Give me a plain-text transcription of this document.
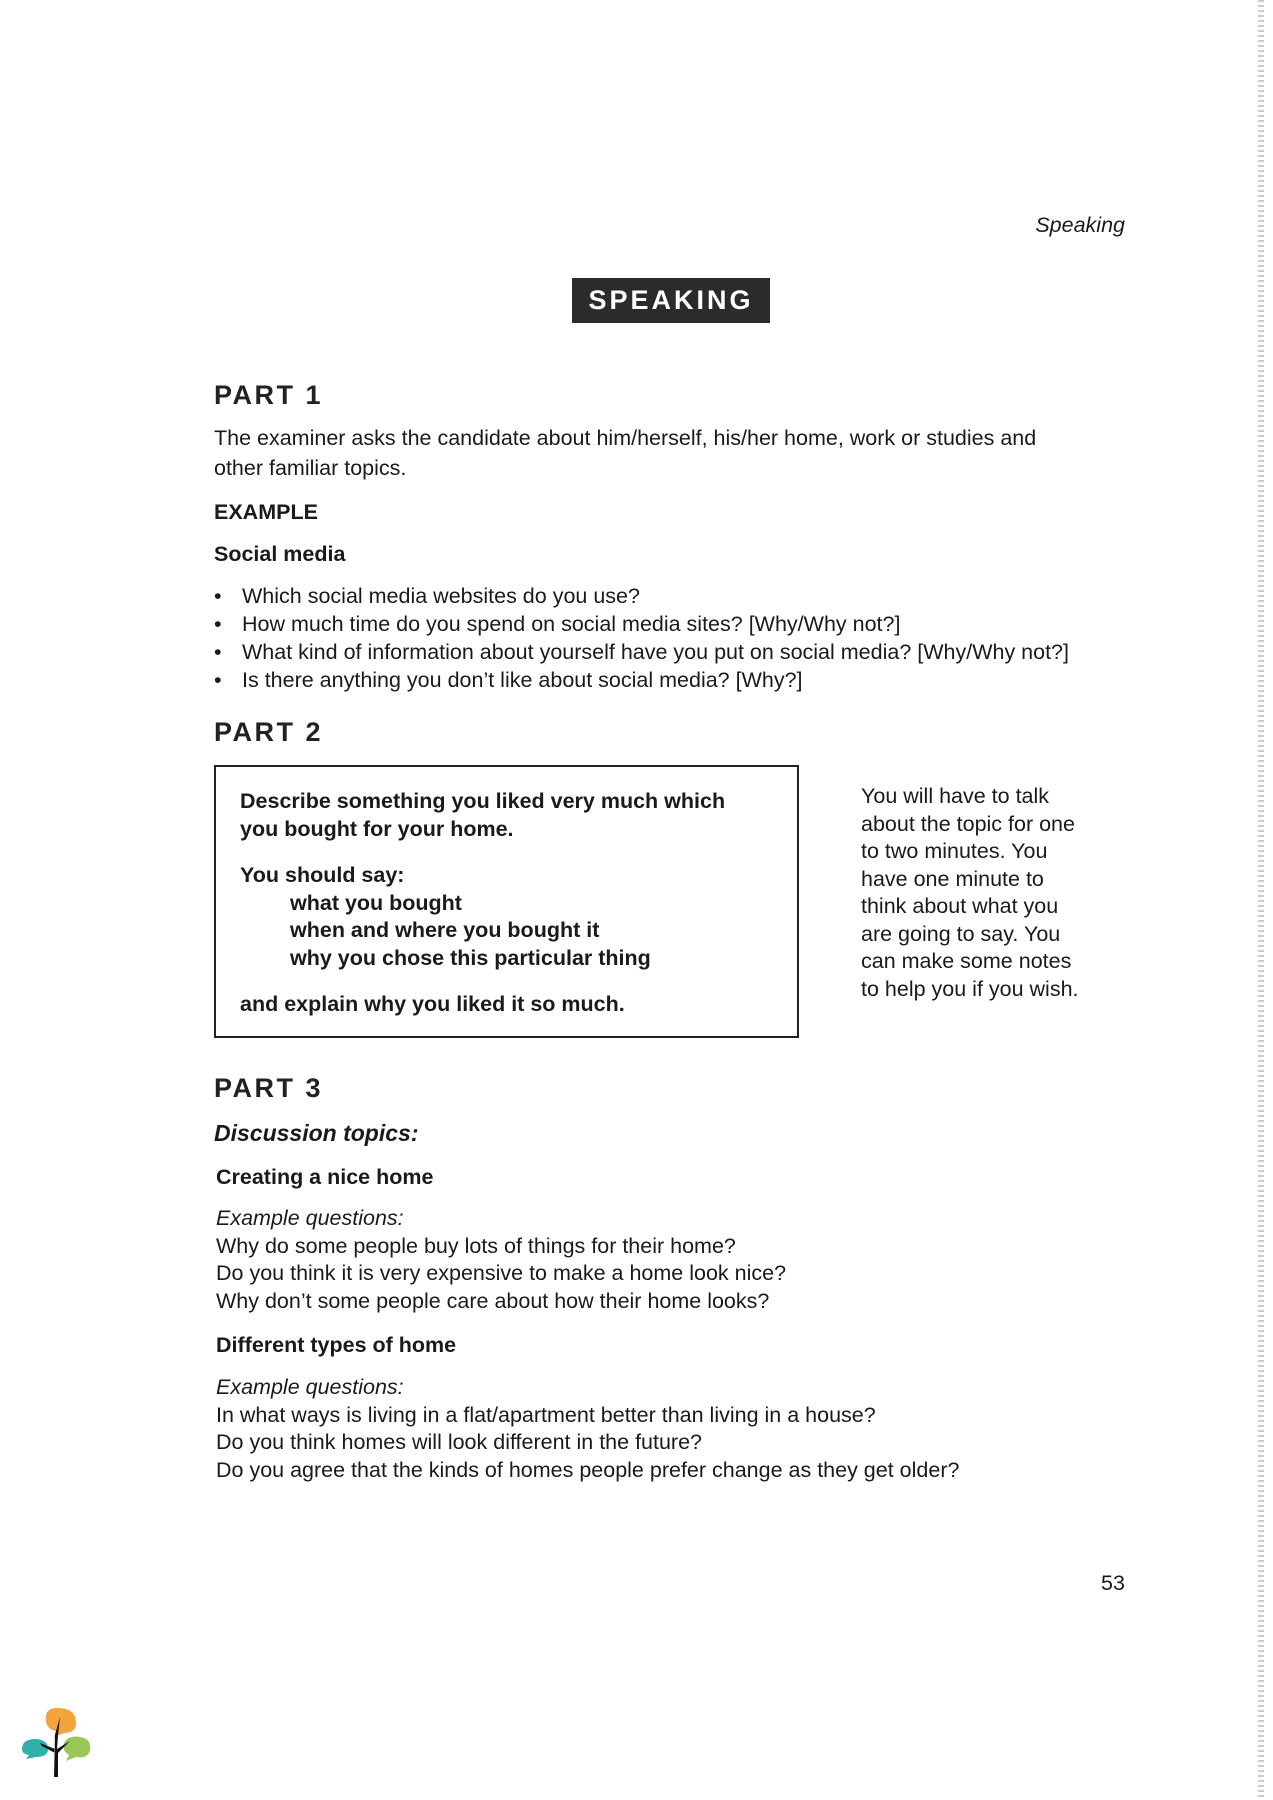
Speaking
SPEAKING
PART 1
The examiner asks the candidate about him/herself, his/her home, work or studies and
other familiar topics.
EXAMPLE
Social media
• Which social media websites do you use?
• How much time do you spend on social media sites? [Why/Why not?]
• What kind of information about yourself have you put on social media? [Why/Why not?]
• Is there anything you don’t like about social media? [Why?]
PART 2
Describe something you liked very much which
you bought for your home.
You should say:
what you bought
when and where you bought it
why you chose this particular thing
and explain why you liked it so much.
You will have to talk
about the topic for one
to two minutes. You
have one minute to
think about what you
are going to say. You
can make some notes
to help you if you wish.
PART 3
Discussion topics:
Creating a nice home
Example questions:
Why do some people buy lots of things for their home?
Do you think it is very expensive to make a home look nice?
Why don’t some people care about how their home looks?
Different types of home
Example questions:
In what ways is living in a flat/apartment better than living in a house?
Do you think homes will look different in the future?
Do you agree that the kinds of homes people prefer change as they get older?
53
